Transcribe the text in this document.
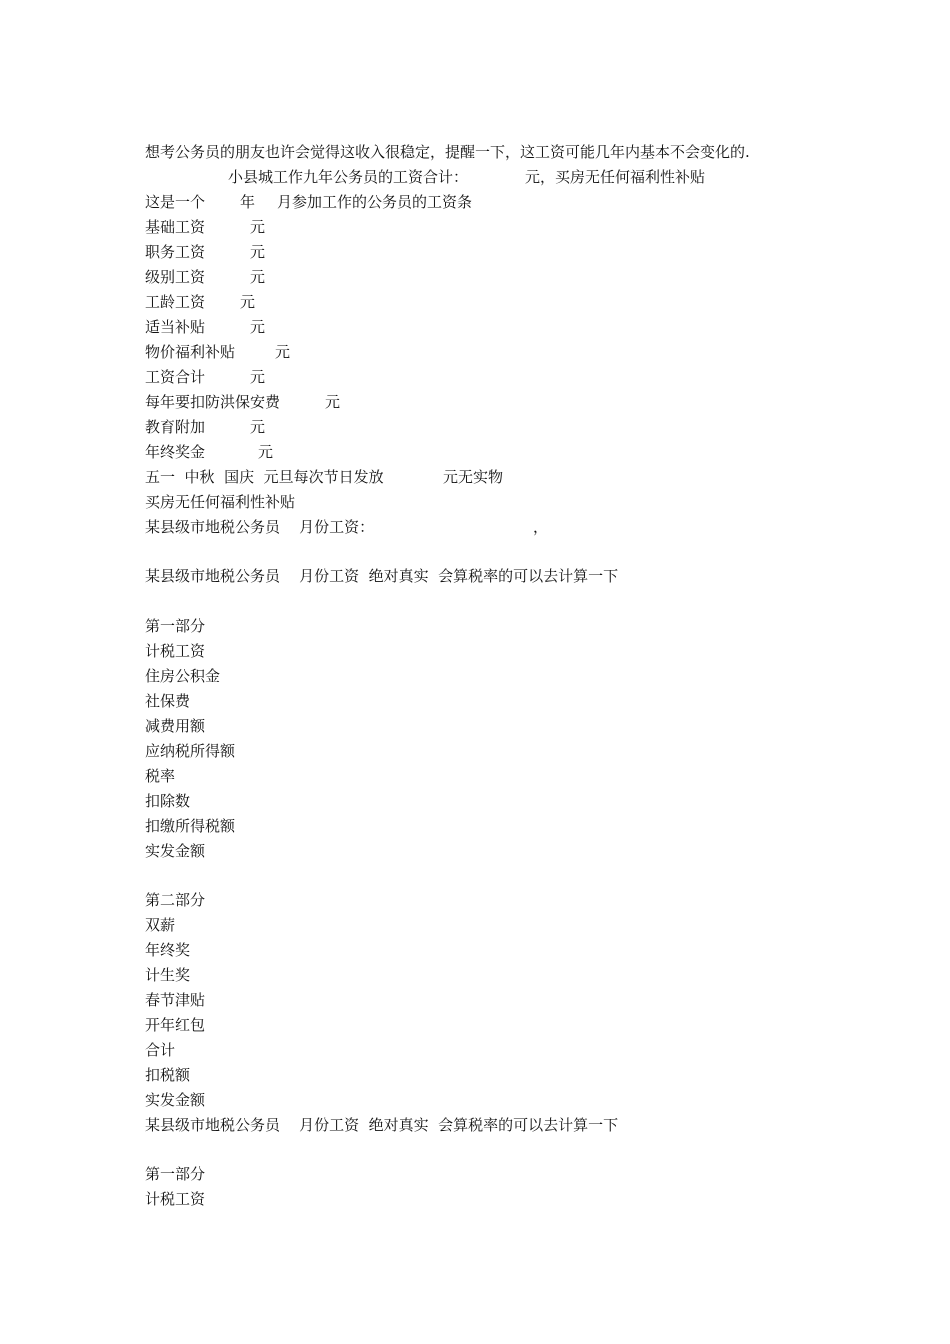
想考公务员的朋友也许会觉得这收入很稳定，提醒一下，这工资可能几年内基本不会变化的.

小县城工作九年公务员的工资合计：

	元，买房无任何福利性补贴

这是一个

年

月参加工作的公务员的工资条

基础工资

	元

职务工资

	元

级别工资

	元

工龄工资

元

适当补贴

	元

物价福利补贴

	元

工资合计

	元

每年要扣防洪保安费

	元

教育附加

	元

年终奖金

	元

五一  中秋  国庆  元旦每次节日发放

	元无实物

买房无任何福利性补贴

某县级市地税公务员    月份工资：

	，

某县级市地税公务员    月份工资  绝对真实  会算税率的可以去计算一下
第一部分
计税工资
住房公积金
社保费
减费用额
应纳税所得额
税率
扣除数
扣缴所得税额
实发金额
第二部分
双薪
年终奖
计生奖
春节津贴
开年红包
合计
扣税额
实发金额
某县级市地税公务员    月份工资  绝对真实  会算税率的可以去计算一下
第一部分
计税工资
